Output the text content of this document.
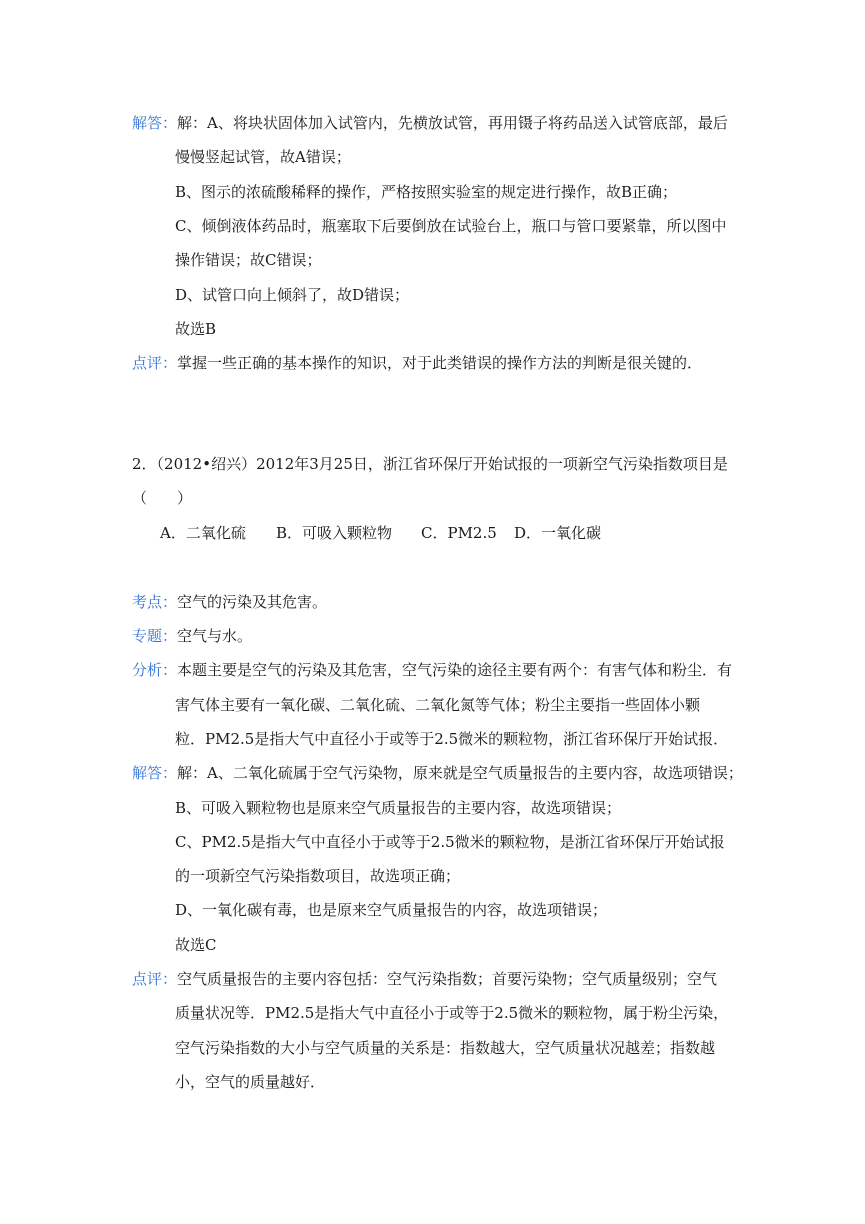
解答：解：A、将块状固体加入试管内，先横放试管，再用镊子将药品送入试管底部，最后
慢慢竖起试管，故A错误；
B、图示的浓硫酸稀释的操作，严格按照实验室的规定进行操作，故B正确；
C、倾倒液体药品时，瓶塞取下后要倒放在试验台上，瓶口与管口要紧靠，所以图中
操作错误；故C错误；
D、试管口向上倾斜了，故D错误；
故选B
点评：掌握一些正确的基本操作的知识，对于此类错误的操作方法的判断是很关键的．
2．（2012•绍兴）2012年3月25日，浙江省环保厅开始试报的一项新空气污染指数项目是
（　　）
A．二氧化硫 B．可吸入颗粒物 C．PM2.5 D．一氧化碳
考点：空气的污染及其危害。
专题：空气与水。
分析：本题主要是空气的污染及其危害，空气污染的途径主要有两个：有害气体和粉尘．有
害气体主要有一氧化碳、二氧化硫、二氧化氮等气体；粉尘主要指一些固体小颗
粒．PM2.5是指大气中直径小于或等于2.5微米的颗粒物，浙江省环保厅开始试报．
解答：解：A、二氧化硫属于空气污染物，原来就是空气质量报告的主要内容，故选项错误；
B、可吸入颗粒物也是原来空气质量报告的主要内容，故选项错误；
C、PM2.5是指大气中直径小于或等于2.5微米的颗粒物，是浙江省环保厅开始试报
的一项新空气污染指数项目，故选项正确；
D、一氧化碳有毒，也是原来空气质量报告的内容，故选项错误；
故选C
点评：空气质量报告的主要内容包括：空气污染指数；首要污染物；空气质量级别；空气
质量状况等．PM2.5是指大气中直径小于或等于2.5微米的颗粒物，属于粉尘污染，
空气污染指数的大小与空气质量的关系是：指数越大，空气质量状况越差；指数越
小，空气的质量越好．
